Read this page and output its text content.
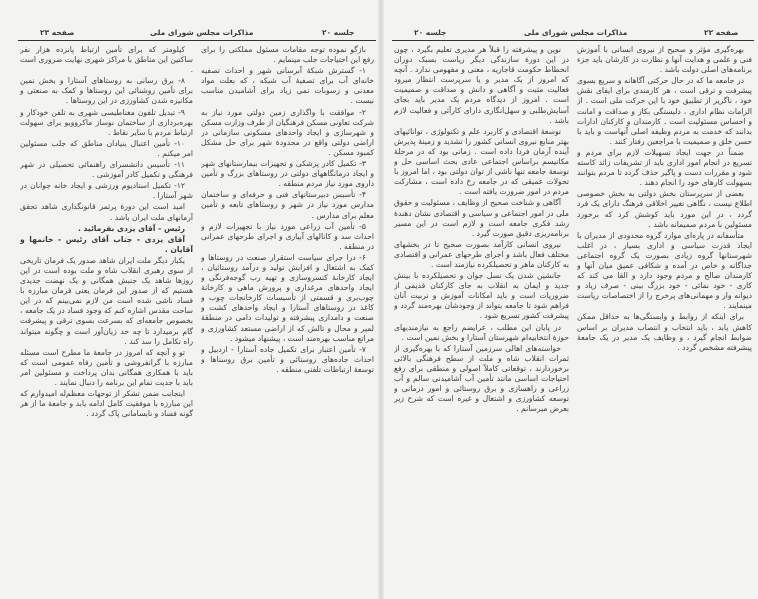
صفحه ۲۳	مذاکرات مجلس شورای ملی	جلسه ۲۰

بازگو نموده توجه مقامات مسئول مملکتی را برای رفع این احتیاجات جلب مینمایم .

۱- گسترش شبکهٔ آبرسانی شهر و احداث تصفیه خانه‌ای آب برای تصفیهٔ آب شبکه ، که بعلت مواد معدنی و رسوبات نمی‌ زیاد برای آشامیدن مناسب نیست .

۲- موافقت با واگذاری زمین دولتی مورد نیاز به شرکت تعاونی مسکن فرهنگیان از طرف وزارت مسکن و شهرسازی و ایجاد واحدهای مسکونی سازمانی در اراضی دولتی واقع در محدودهٔ شهر برای حل مشکل کمبود مسکن .

۳- تکمیل کادر پزشکی و تجهیزات بیمارستانهای شهر و ایجاد درمانگاههای دولتی در روستاهای بزرگ و تأمین داروی مورد نیاز مردم منطقه .

۴- تأسیس دبیرستانهای فنی و حرفه‌ای و ساختمان مدارس مورد نیاز در شهر و روستاهای تابعه و تأمین معلم برای مدارس .

۵- تأمین آب زراعی مورد نیاز با تجهیزات لازم و احداث سد و کانالهای آبیاری و اجرای طرحهای عمرانی در منطقه .

۶- درا جرای سیاست استقرار صنعت در روستاها و کمک به اشتغال و افزایش تولید و درآمد روستائیان ، ایجاد کارخانهٔ کنسروسازی و تهیه رب گوجه‌فرنگی و ایجاد واحدهای مرغداری و پرورش ماهی و کارخانهٔ چوب‌بری و قسمتی از تأسیسات کارخانجات چوب و کاغذ در روستاهای آستارا و ایجاد واحدهای کشت و صنعت و دامداری پیشرفته و تولیدات دامی در منطقهٔ لمیر و محال و تالش که از اراضی مستعد کشاورزی و مراتع مناسب بهره‌مند است ، پیشنهاد میشود .

۷- تأمین اعتبار برای تکمیل جاده آستارا - اردبیل و احداث جاده‌های روستائی و تأمین برق روستاها و توسعهٔ ارتباطات تلفنی منطقه .

کیلومتر که برای تأمین ارتباط پانزده هزار نفر ساکنین این مناطق با مراکز شهری نهایت ضروری است .

۸- برق رسانی به روستاهای آستارا و بخش نمین برای تأمین روشنائی این روستاها و کمک به صنعتی و مکانیزه شدن کشاورزی در این روستاها .

۹- تبدیل تلفون مغناطیسی شهری به تلفن خودکار و بهره‌برداری از ساختمان نوساز ماکروویو برای سهولت ارتباط مردم با سایر نقاط .

۱۰- تأمین اعتبال بنیادان مناطق که جلب مسئولین امر میکنم .

۱۱- تأسیس دانشسرای راهنمائی تحصیلی در شهر فرهنگی و تکمیل کادر آموزشی .

۱۲- تکمیل استادیوم ورزشی و ایجاد خانه جوانان در شهر آستارا .

امید است این دورهٔ پرثمر قانونگذاری شاهد تحقق آرمانهای ملت ایران باشد .

رئیس - آقای یزدی بفرمائید .

آقای یزدی - جناب آقای رئیس - خانمها و آقایان .

یکبار دیگر ملت ایران شاهد صدور یک فرمان تاریخی از سوی رهبری انقلاب شاه و ملت بوده است در این روزها شاهد یک جنبش همگانی و یک نهضت جدیدی هستیم که از صدور این فرمان یعنی فرمان مبارزه با فساد ناشی شده است من لازم نمی‌بینم که در این ساحت مقدس اشاره کنم که وجود فساد در یک جامعه ، بخصوص جامعه‌ای که بسرعت بسوی ترقی و پیشرفت گام برمیدارد تا چه حد زیان‌آور است و چگونه میتواند راه تکامل را سد کند .

تو و آنچه که امروز در جامعهٔ ما مطرح است مسئله مبارزه با گرانفروشی و تأمین رفاه عمومی است که باید با همکاری همگانی بدان پرداخت و مسئولین امر باید با جدیت تمام این برنامه را دنبال نمایند .

اینجانب ضمن تشکر از توجهات معظم‌له امیدوارم که این مبارزه با موفقیت کامل ادامه یابد و جامعهٔ ما از هر گونه فساد و نابسامانی پاک گردد .

صفحه ۲۲
مذاکرات مجلس شورای ملی
جلسه ۲۰

بهره‌گیری مؤثر و صحیح از نیروی انسانی با آموزش فنی و علمی و هدایت آنها و نظارت در کارشان باید جزء برنامه‌های اصلی دولت باشد .

در جامعه ما که در حال حرکتی آگاهانه و سریع بسوی پیشرفت و ترقی است ، هر کارمندی برای ایفای نقش خود ، ناگزیر از تطبیق خود با این حرکت ملی است . از الزامات نظام اداری ، دلبستگی بکار و صداقت و امانت و احساس مسئولیت است . کارمندان و کارکنان ادارات بدانند که خدمت به مردم وظیفه اصلی آنهاست و باید با حسن خلق و صمیمیت با مراجعین رفتار کنند .

ضمناً در جهت ایجاد تسهیلات لازم برای مردم و تسریع در انجام امور اداری باید از تشریفات زائد کاسته شود و مقررات دست و پاگیر حذف گردد تا مردم بتوانند بسهولت کارهای خود را انجام دهند .

بعضی از سرپرستان بخش دولتی به بخش خصوصی اطلاع نیست ، نگاهی تغییر اخلاقی فرهنگ دارای یک فرد گردد ، در این مورد باید کوشش کرد که برخورد مسئولین با مردم صمیمانه باشد .

متأسفانه در پاره‌ای موارد گروه محدودی از مدیران با ایجاد قدرت سیاسی و اداری بسیار ، در اغلب شهرستانها گروه زیادی بصورت یک گروه اجتماعی جداگانه و خاص در آمده و شکافی عمیق میان آنها و کارمندان صالح و مردم وجود دارد و القا می کند که کاری - خود نمائی - خود بزرگ بینی - صرف زیاد و دیوانه وار و مهمانی‌های پرخرج را از اختصاصات ریاست مینمایند .

برای اینکه از روابط و وابستگی‌ها به حداقل ممکن کاهش یابد ، باید انتخاب و انتصاب مدیران بر اساس ضوابط انجام گیرد ، و وظایف یک مدیر در یک جامعهٔ پیشرفته مشخص گردد .

نوین و پیشرفته را قبلاً هر مدیری تعلیم بگیرد ، چون در این دورهٔ سازندگی دیگر ریاست بسبک دوران انحطاط حکومت قاجاریه ، معنی و مفهومی ندارد . آنچه که امروز از یک مدیر و یا سرپرست انتظار میرود فعالیت مثبت و آگاهی و دانش و صداقت و صمیمیت است . امروز از دیدگاه مردم یک مدیر باید بجای آسایش‌طلبی و سهل‌انگاری دارای کارآئی و فعالیت لازم باشد .

توسعهٔ اقتصادی و کاربرد علم و تکنولوژی ، توانائیهای بهتر منابع نیروی انسانی کشور را تشدید و زمینهٔ پذیرش آینده آرمان فردا داده است . زمانی بود که در مرحلهٔ مکانیسم براساس اجتماعی عادی بحث اساسی حل و توسعهٔ جامعه تنها ناشی از توان دولتی بود ، اما امروز با تحولات عمیقی که در جامعه رخ داده است ، مشارکت مردم در امور ضرورت یافته است .

آگاهی و شناخت صحیح از وظایف ، مسئولیت و حقوق ملی در امور اجتماعی و سیاسی و اقتصادی نشان دهندهٔ رشد فکری جامعه است و لازم است در این مسیر برنامه‌ریزی دقیق صورت گیرد .

نیروی انسانی کارآمد بصورت صحیح تا در بخشهای مختلف فعال باشد و اجرای طرحهای عمرانی و اقتصادی به کارکنان ماهر و تحصیلکرده نیازمند است .

جانشین شدن یک نسل جوان و تحصیلکرده با بینش جدید و ایمان به انقلاب به جای کارکنان قدیمی از ضروریات است و باید امکانات آموزش و تربیت آنان فراهم شود تا جامعه بتواند از وجودشان بهره‌مند گردد و پیشرفت کشور تسریع شود .

در پایان این مطلب ، عرایضم راجع به نیازمندیهای حوزهٔ انتخابیه‌ام شهرستان آستارا و بخش نمین است .

خواسته‌های اهالی سرزمین آستارا که با بهره‌گیری از ثمرات انقلاب شاه و ملت از سطح فرهنگی بالائی برخوردارند ، توقعاتی کاملاً اصولی و منطقی برای رفع احتیاجات اساسی مانند تأمین آب آشامیدنی سالم و آب زراعی و راهسازی و برق روستائی و امور درمانی و توسعه کشاورزی و اشتغال و غیره است که شرح زیر بعرض میرسانم .
